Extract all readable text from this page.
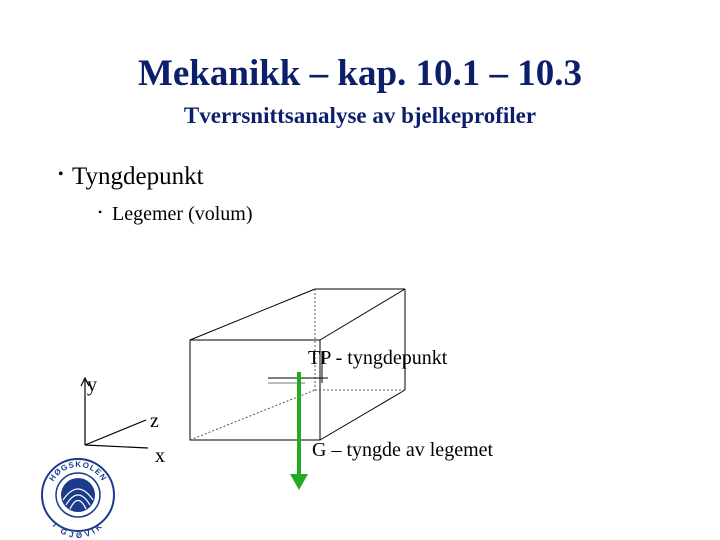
Mekanikk – kap. 10.1 – 10.3
Tverrsnittsanalyse av bjelkeprofiler
• Tyngdepunkt
• Legemer (volum)
TP - tyngdepunkt
G – tyngde av legemet
y
z
x
HØGSKOLEN
I GJØVIK
